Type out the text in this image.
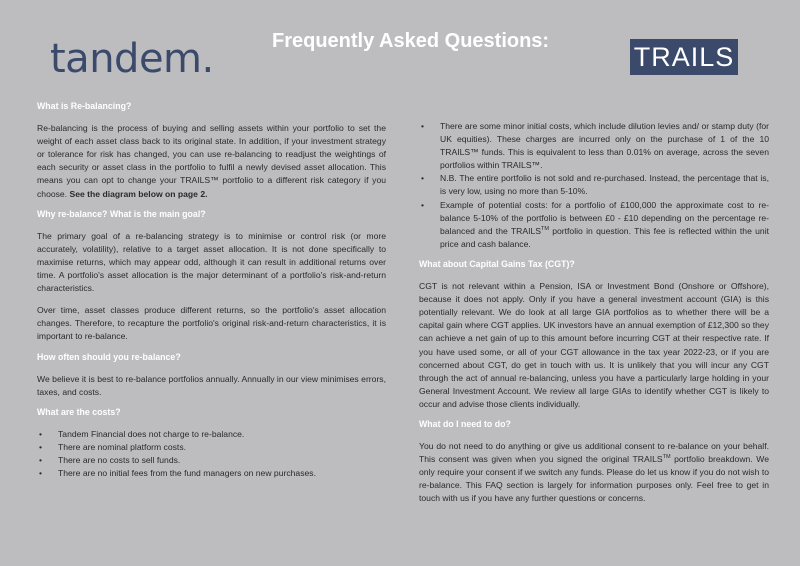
tandem.	Frequently Asked Questions:
TRAILS
What is Re-balancing?

Re-balancing is the process of buying and selling assets within your portfolio to set the weight of each asset class back to its original state. In addition, if your investment strategy or tolerance for risk has changed, you can use re-balancing to readjust the weightings of each security or asset class in the portfolio to fulfil a newly devised asset allocation. This means you can opt to change your TRAILS™ portfolio to a different risk category if you choose. See the diagram below on page 2.

Why re-balance? What is the main goal?

The primary goal of a re-balancing strategy is to minimise or control risk (or more accurately, volatility), relative to a target asset allocation. It is not done specifically to maximise returns, which may appear odd, although it can result in additional returns over time. A portfolio's asset allocation is the major determinant of a portfolio's risk-and-return characteristics.

Over time, asset classes produce different returns, so the portfolio's asset allocation changes. Therefore, to recapture the portfolio's original risk-and-return characteristics, it is important to re-balance.

How often should you re-balance?

We believe it is best to re-balance portfolios annually. Annually in our view minimises errors, taxes, and costs.

What are the costs?
• Tandem Financial does not charge to re-balance.
• There are nominal platform costs.
• There are no costs to sell funds.
• There are no initial fees from the fund managers on new purchases.
• There are some minor initial costs, which include dilution levies and/ or stamp duty (for UK equities). These charges are incurred only on the purchase of 1 of the 10 TRAILS™ funds. This is equivalent to less than 0.01% on average, across the seven portfolios within TRAILS™.
• N.B. The entire portfolio is not sold and re-purchased. Instead, the percentage that is, is very low, using no more than 5-10%.
• Example of potential costs: for a portfolio of £100,000 the approximate cost to re-balance 5-10% of the portfolio is between £0 - £10 depending on the percentage re-balanced and the TRAILS™ portfolio in question. This fee is reflected within the unit price and cash balance.
What about Capital Gains Tax (CGT)?

CGT is not relevant within a Pension, ISA or Investment Bond (Onshore or Offshore), because it does not apply. Only if you have a general investment account (GIA) is this potentially relevant. We do look at all large GIA portfolios as to whether there will be a capital gain where CGT applies. UK investors have an annual exemption of £12,300 so they can achieve a net gain of up to this amount before incurring CGT at their respective rate. If you have used some, or all of your CGT allowance in the tax year 2022-23, or if you are concerned about CGT, do get in touch with us. It is unlikely that you will incur any CGT through the act of annual re-balancing, unless you have a particularly large holding in your General Investment Account. We review all large GIAs to identify whether CGT is likely to occur and advise those clients individually.

What do I need to do?

You do not need to do anything or give us additional consent to re-balance on your behalf. This consent was given when you signed the original TRAILS™ portfolio breakdown. We only require your consent if we switch any funds. Please do let us know if you do not wish to re-balance. This FAQ section is largely for information purposes only. Feel free to get in touch with us if you have any further questions or concerns.
